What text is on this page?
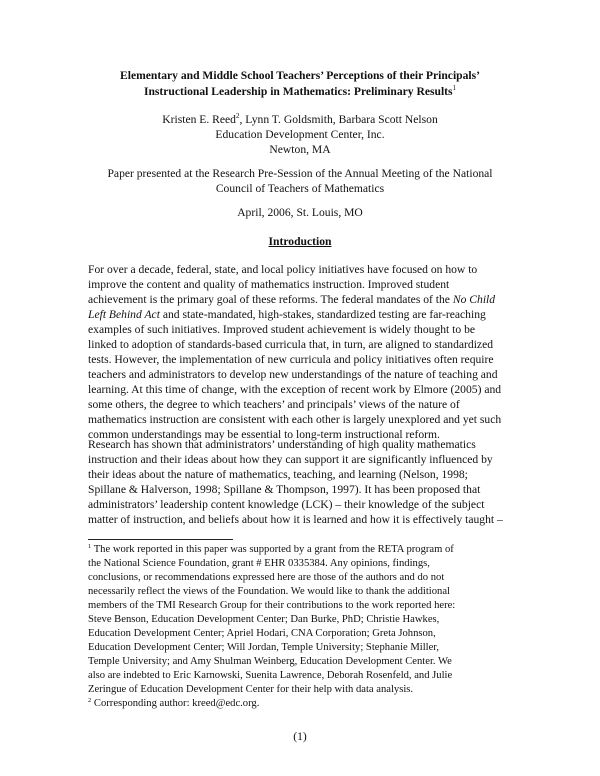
Elementary and Middle School Teachers’ Perceptions of their Principals’
Instructional Leadership in Mathematics: Preliminary Results$^1$
Kristen E. Reed$^2$, Lynn T. Goldsmith, Barbara Scott Nelson
Education Development Center, Inc.
Newton, MA
Paper presented at the Research Pre-Session of the Annual Meeting of the National
Council of Teachers of Mathematics
April, 2006, St. Louis, MO
Introduction
For over a decade, federal, state, and local policy initiatives have focused on how to
improve the content and quality of mathematics instruction. Improved student
achievement is the primary goal of these reforms. The federal mandates of the No Child
Left Behind Act and state-mandated, high-stakes, standardized testing are far-reaching
examples of such initiatives. Improved student achievement is widely thought to be
linked to adoption of standards-based curricula that, in turn, are aligned to standardized
tests. However, the implementation of new curricula and policy initiatives often require
teachers and administrators to develop new understandings of the nature of teaching and
learning. At this time of change, with the exception of recent work by Elmore (2005) and
some others, the degree to which teachers’ and principals’ views of the nature of
mathematics instruction are consistent with each other is largely unexplored and yet such
common understandings may be essential to long-term instructional reform.
Research has shown that administrators’ understanding of high quality mathematics
instruction and their ideas about how they can support it are significantly influenced by
their ideas about the nature of mathematics, teaching, and learning (Nelson, 1998;
Spillane & Halverson, 1998; Spillane & Thompson, 1997). It has been proposed that
administrators’ leadership content knowledge (LCK) – their knowledge of the subject
matter of instruction, and beliefs about how it is learned and how it is effectively taught –
$^1$ The work reported in this paper was supported by a grant from the RETA program of
the National Science Foundation, grant # EHR 0335384. Any opinions, findings,
conclusions, or recommendations expressed here are those of the authors and do not
necessarily reflect the views of the Foundation. We would like to thank the additional
members of the TMI Research Group for their contributions to the work reported here:
Steve Benson, Education Development Center; Dan Burke, PhD; Christie Hawkes,
Education Development Center; Apriel Hodari, CNA Corporation; Greta Johnson,
Education Development Center; Will Jordan, Temple University; Stephanie Miller,
Temple University; and Amy Shulman Weinberg, Education Development Center. We
also are indebted to Eric Karnowski, Suenita Lawrence, Deborah Rosenfeld, and Julie
Zeringue of Education Development Center for their help with data analysis.
$^2$ Corresponding author: kreed@edc.org.
(1)
